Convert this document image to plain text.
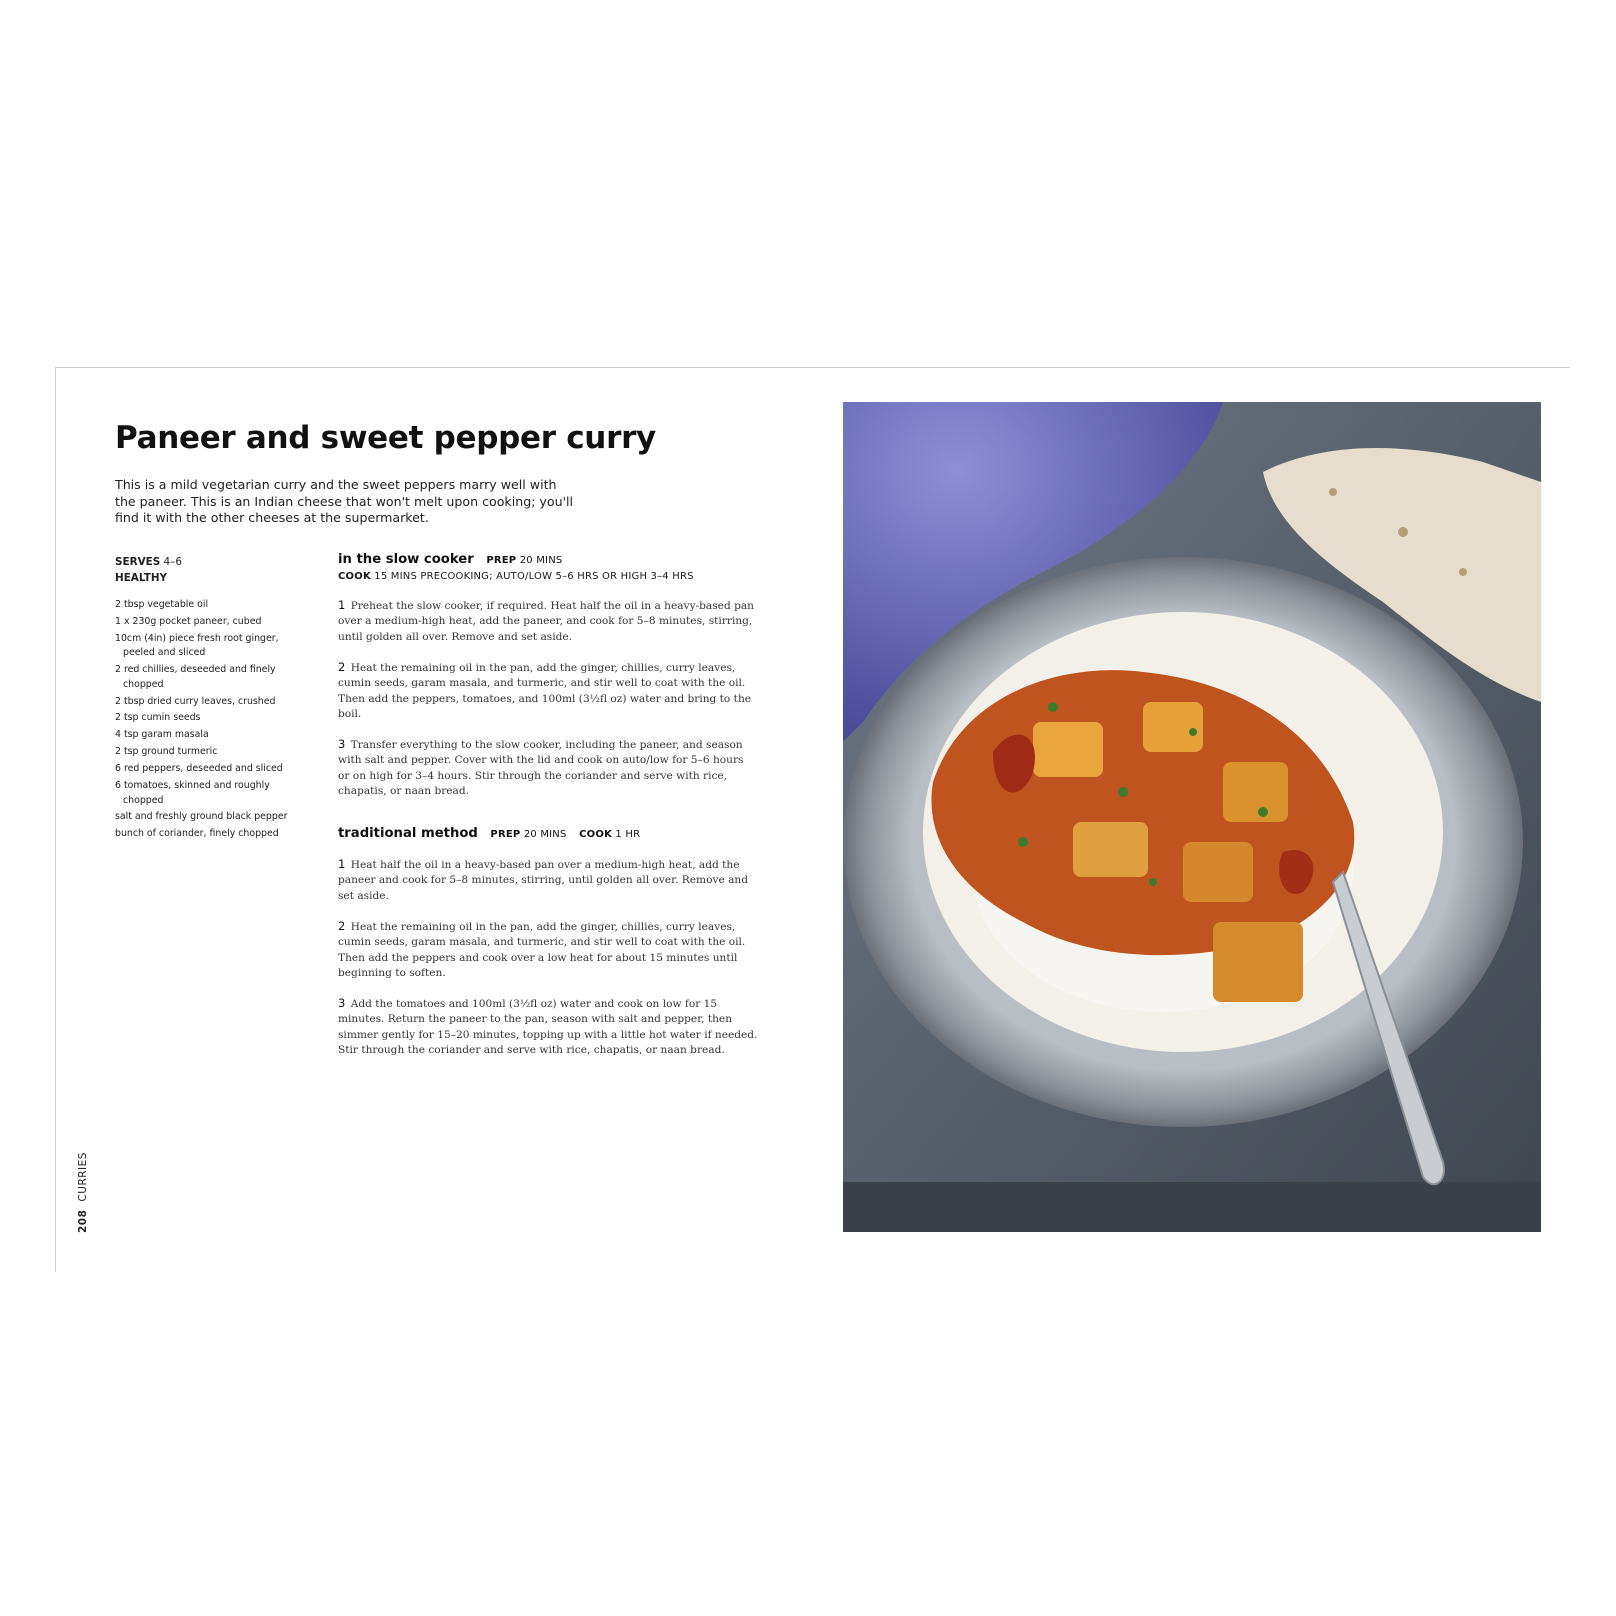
Paneer and sweet pepper curry

This is a mild vegetarian curry and the sweet peppers marry well with the paneer. This is an Indian cheese that won't melt upon cooking; you'll find it with the other cheeses at the supermarket.

SERVES 4–6
HEALTHY
2 tbsp vegetable oil
1 x 230g pocket paneer, cubed
10cm (4in) piece fresh root ginger, peeled and sliced
2 red chillies, deseeded and finely chopped
2 tbsp dried curry leaves, crushed
2 tsp cumin seeds
4 tsp garam masala
2 tsp ground turmeric
6 red peppers, deseeded and sliced
6 tomatoes, skinned and roughly chopped
salt and freshly ground black pepper
bunch of coriander, finely chopped
in the slow cooker PREP 20 MINS
COOK 15 MINS PRECOOKING; AUTO/LOW 5–6 HRS OR HIGH 3–4 HRS
1 Preheat the slow cooker, if required. Heat half the oil in a heavy-based pan over a medium-high heat, add the paneer, and cook for 5–8 minutes, stirring, until golden all over. Remove and set aside.
2 Heat the remaining oil in the pan, add the ginger, chillies, curry leaves, cumin seeds, garam masala, and turmeric, and stir well to coat with the oil. Then add the peppers, tomatoes, and 100ml (3½fl oz) water and bring to the boil.
3 Transfer everything to the slow cooker, including the paneer, and season with salt and pepper. Cover with the lid and cook on auto/low for 5–6 hours or on high for 3–4 hours. Stir through the coriander and serve with rice, chapatis, or naan bread.
traditional method PREP 20 MINS COOK 1 HR
1 Heat half the oil in a heavy-based pan over a medium-high heat, add the paneer and cook for 5–8 minutes, stirring, until golden all over. Remove and set aside.
2 Heat the remaining oil in the pan, add the ginger, chillies, curry leaves, cumin seeds, garam masala, and turmeric, and stir well to coat with the oil. Then add the peppers and cook over a low heat for about 15 minutes until beginning to soften.
3 Add the tomatoes and 100ml (3½fl oz) water and cook on low for 15 minutes. Return the paneer to the pan, season with salt and pepper, then simmer gently for 15–20 minutes, topping up with a little hot water if needed. Stir through the coriander and serve with rice, chapatis, or naan bread.
208CURRIES
